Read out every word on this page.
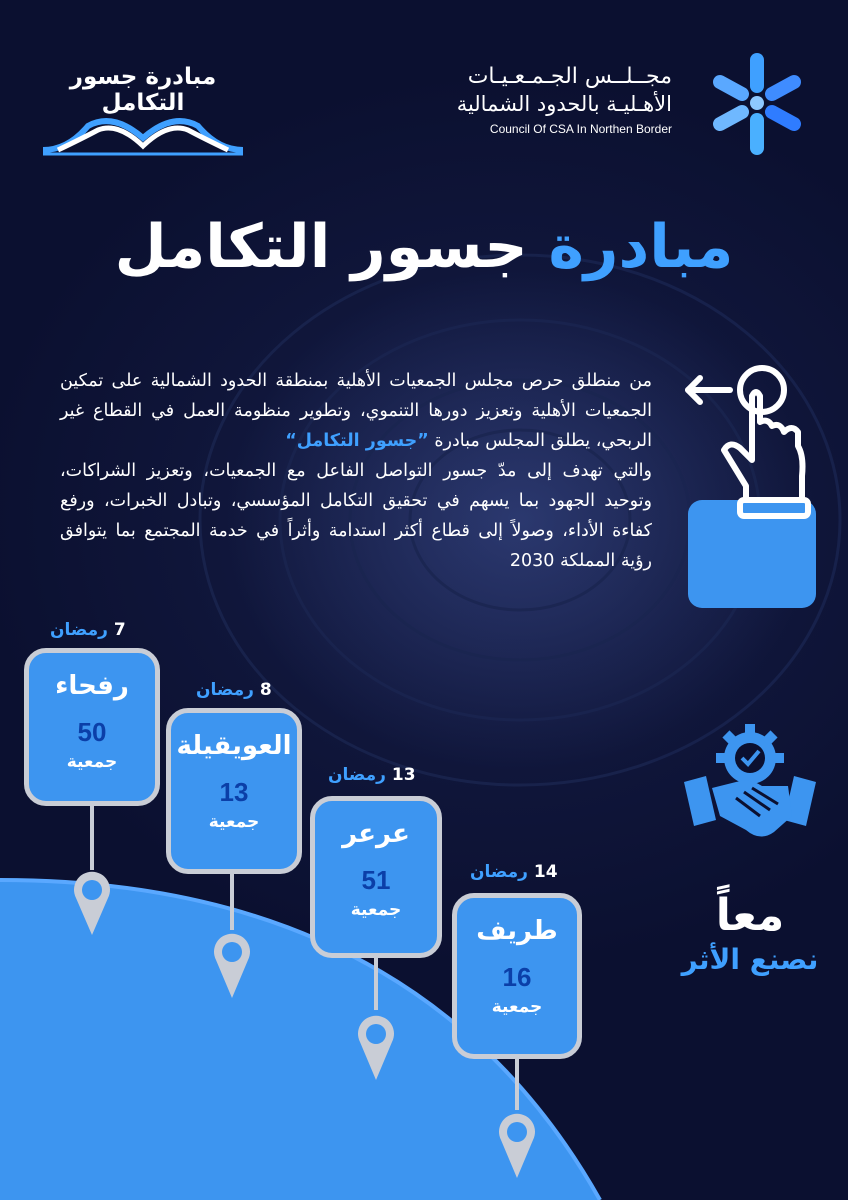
مبادرة جسور التكامل
مجــلــس الجـمـعـيـات
الأهـليـة بالحدود الشمالية
Council Of CSA In Northen Border
مبادرة جسور التكامل

من منطلق حرص مجلس الجمعيات الأهلية بمنطقة الحدود الشمالية على تمكين الجمعيات الأهلية وتعزيز دورها التنموي، وتطوير منظومة العمل في القطاع غير الربحي، يطلق المجلس مبادرة ”جسور التكامل“

والتي تهدف إلى مدّ جسور التواصل الفاعل مع الجمعيات، وتعزيز الشراكات، وتوحيد الجهود بما يسهم في تحقيق التكامل المؤسسي، وتبادل الخبرات، ورفع كفاءة الأداء، وصولاً إلى قطاع أكثر استدامة وأثراً في خدمة المجتمع بما يتوافق رؤية المملكة 2030

7 رمضان
رفحاء
50
جمعية
8 رمضان
العويقيلة
13
جمعية
13 رمضان
عرعر
51
جمعية
14 رمضان
طريف
16
جمعية
معاً
نصنع الأثر
